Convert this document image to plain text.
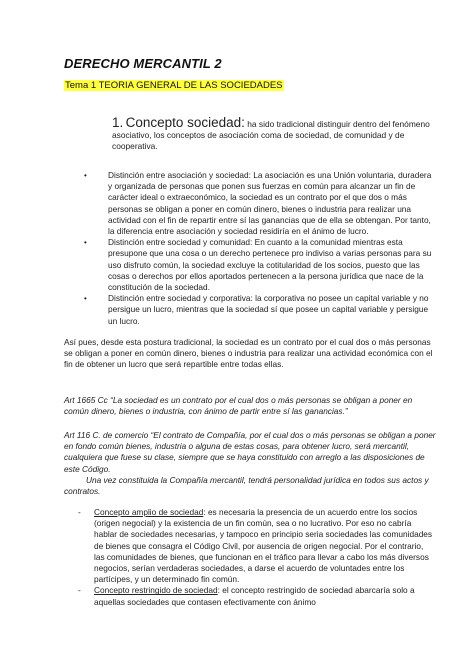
DERECHO MERCANTIL 2
Tema 1 TEORIA GENERAL DE LAS SOCIEDADES
1. Concepto sociedad: ha sido tradicional distinguir dentro del fenómeno asociativo, los conceptos de asociación coma de sociedad, de comunidad y de cooperativa.
•	Distinción entre asociación y sociedad: La asociación es una Unión voluntaria, duradera y organizada de personas que ponen sus fuerzas en común para alcanzar un fin de carácter ideal o extraeconómico, la sociedad es un contrato por el que dos o más personas se obligan a poner en común dinero, bienes o industria para realizar una actividad con el fin de repartir entre sí las ganancias que de ella se obtengan. Por tanto, la diferencia entre asociación y sociedad residiría en el ánimo de lucro.
•	Distinción entre sociedad y comunidad: En cuanto a la comunidad mientras esta presupone que una cosa o un derecho pertenece pro indiviso a varias personas para su uso disfruto común, la sociedad excluye la cotitularidad de los socios, puesto que las cosas o derechos por ellos aportados pertenecen a la persona jurídica que nace de la constitución de la sociedad.
•	Distinción entre sociedad y corporativa: la corporativa no posee un capital variable y no persigue un lucro, mientras que la sociedad sí que posee un capital variable y persigue un lucro.
Así pues, desde esta postura tradicional, la sociedad es un contrato por el cual dos o más personas se obligan a poner en común dinero, bienes o industria para realizar una actividad económica con el fin de obtener un lucro que será repartible entre todas ellas.
Art 1665 Cc “La sociedad es un contrato por el cual dos o más personas se obligan a poner en común dinero, bienes o industria, con ánimo de partir entre sí las ganancias.”
Art 116 C. de comercio “El contrato de Compañía, por el cual dos o más personas se obligan a poner en fondo común bienes, industria o alguna de estas cosas, para obtener lucro, será mercantil, cualquiera que fuese su clase, siempre que se haya constituido con arreglo a las disposiciones de este Código.
Una vez constituida la Compañía mercantil, tendrá personalidad jurídica en todos sus actos y contratos.
- Concepto amplio de sociedad: es necesaria la presencia de un acuerdo entre los socios (origen negocial) y la existencia de un fin común, sea o no lucrativo. Por eso no cabría hablar de sociedades necesarias, y tampoco en principio seria sociedades las comunidades de bienes que consagra el Código Civil, por ausencia de origen negocial. Por el contrario, las comunidades de bienes, que funcionan en el tráfico para llevar a cabo los más diversos negocios, serían verdaderas sociedades, a darse el acuerdo de voluntades entre los partícipes, y un determinado fin común.
- Concepto restringido de sociedad: el concepto restringido de sociedad abarcaría solo a aquellas sociedades que contasen efectivamente con ánimo
